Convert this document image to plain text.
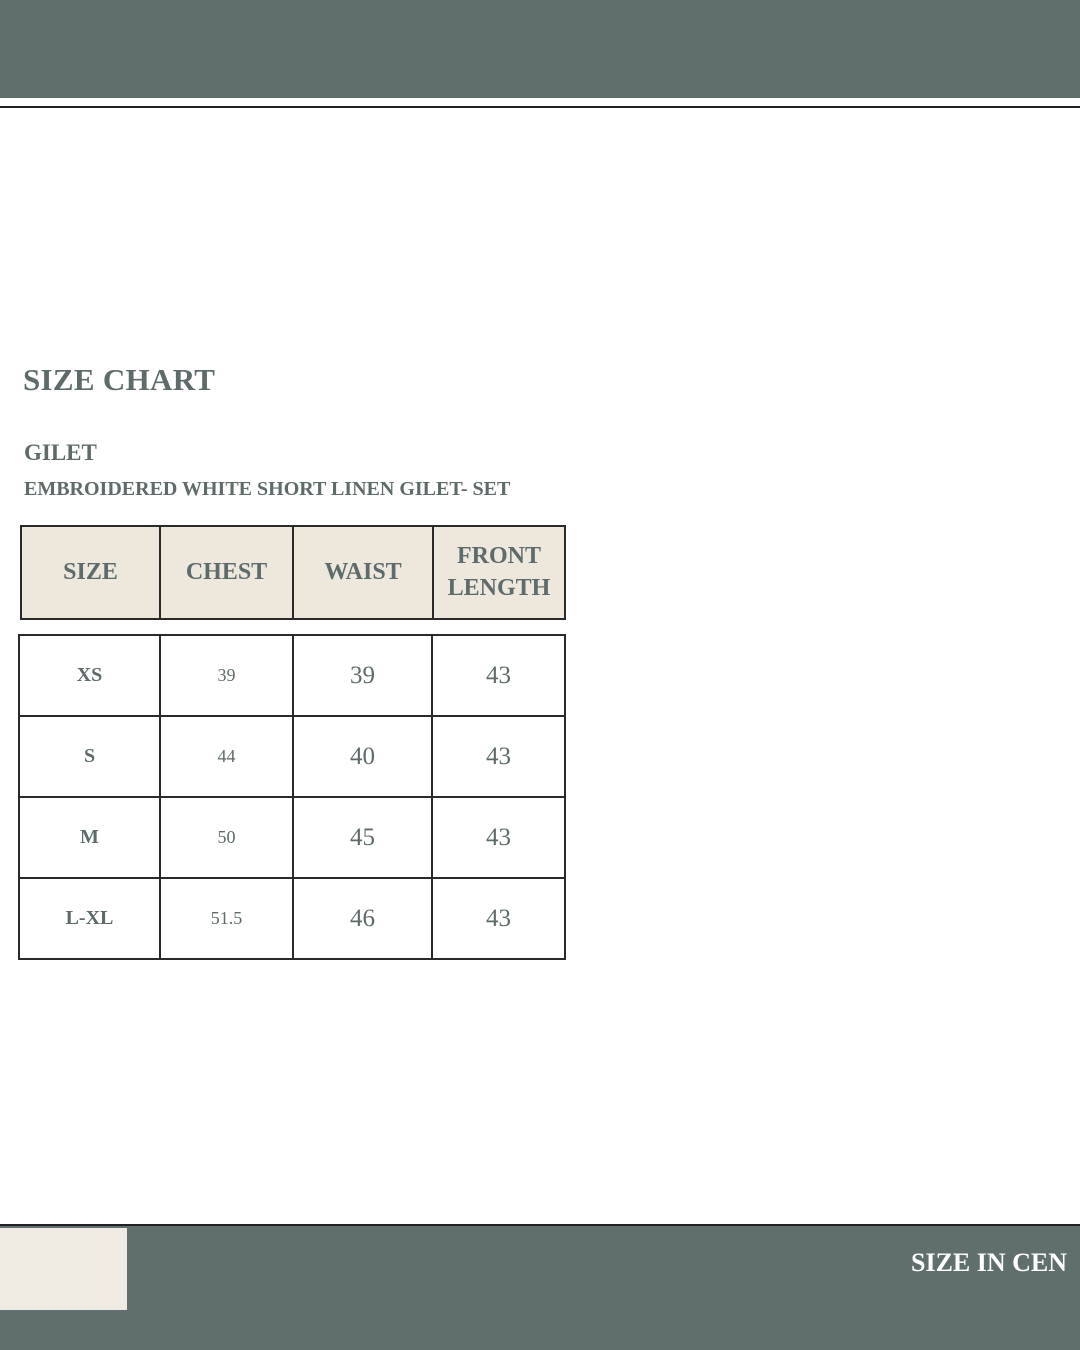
SIZE CHART
GILET

EMBROIDERED WHITE SHORT LINEN GILET- SET

SIZE	CHEST	WAIST	FRONT LENGTH
XS	39	39	43
S	44	40	43
M	50	45	43
L-XL	51.5	46	43
SIZE IN CEN
